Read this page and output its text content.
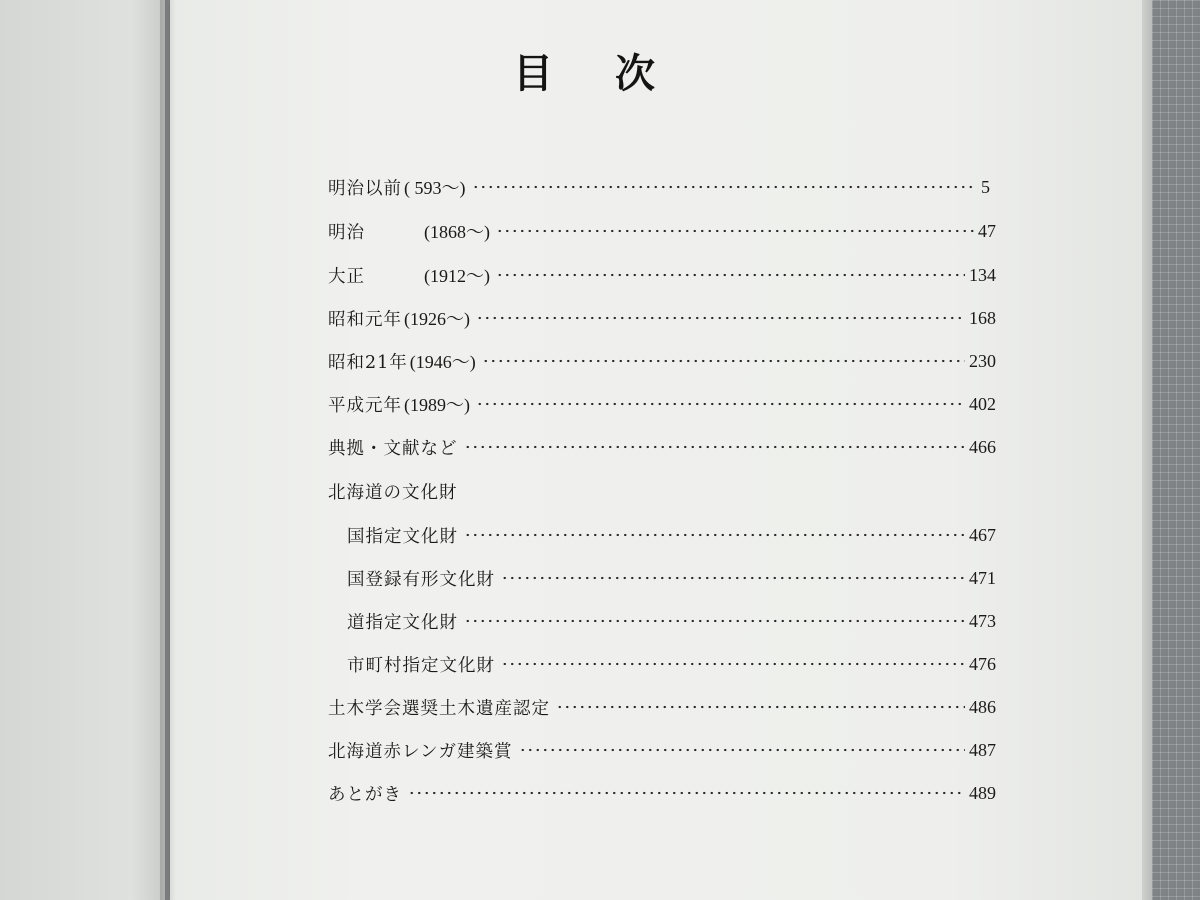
目次
明治以前 ( 593～)	5
明治	(1868～)	47
大正	(1912～)	134
昭和元年 (1926～)	168
昭和21年 (1946～)	230
平成元年 (1989～)	402
典拠・文献など	466
北海道の文化財
国指定文化財	467
国登録有形文化財	471
道指定文化財	473
市町村指定文化財	476
土木学会選奨土木遺産認定	486
北海道赤レンガ建築賞	487
あとがき	489
